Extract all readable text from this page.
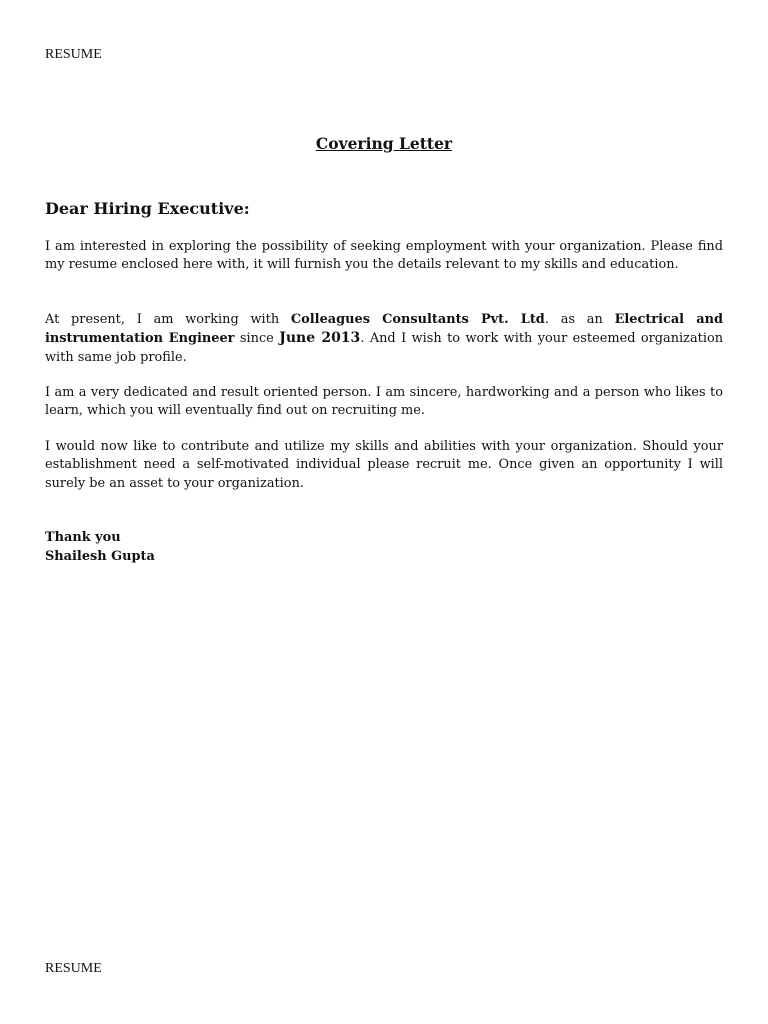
RESUME
Covering Letter
Dear Hiring Executive:

I am interested in exploring the possibility of seeking employment with your organization. Please find my resume enclosed here with, it will furnish you the details relevant to my skills and education.

At present, I am working with Colleagues Consultants Pvt. Ltd. as an Electrical and instrumentation Engineer since June 2013. And I wish to work with your esteemed organization with same job profile.

I am a very dedicated and result oriented person. I am sincere, hardworking and a person who likes to learn, which you will eventually find out on recruiting me.

I would now like to contribute and utilize my skills and abilities with your organization. Should your establishment need a self-motivated individual please recruit me. Once given an opportunity I will surely be an asset to your organization.

Thank you
Shailesh Gupta
RESUME
